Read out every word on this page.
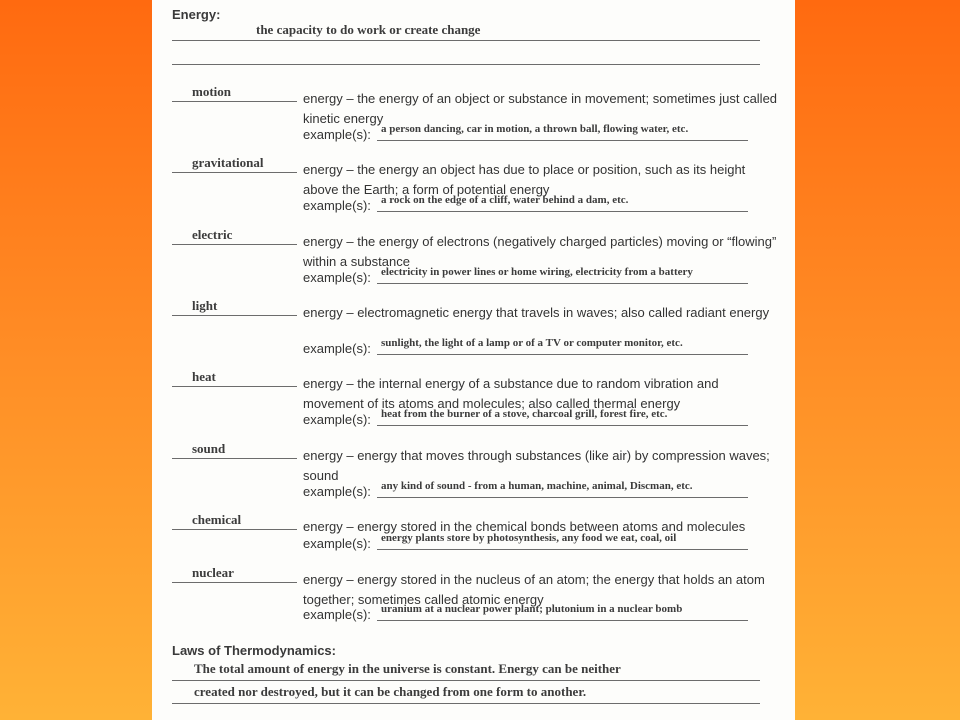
Energy:
the capacity to do work or create change
motion	energy – the energy of an object or substance in movement; sometimes just called kinetic energy
example(s): a person dancing, car in motion, a thrown ball, flowing water, etc.
gravitational	energy – the energy an object has due to place or position, such as its height above the Earth; a form of potential energy
example(s): a rock on the edge of a cliff, water behind a dam, etc.
electric	energy – the energy of electrons (negatively charged particles) moving or “flowing” within a substance
example(s): electricity in power lines or home wiring, electricity from a battery
light	energy – electromagnetic energy that travels in waves; also called radiant energy
example(s): sunlight, the light of a lamp or of a TV or computer monitor, etc.
heat	energy – the internal energy of a substance due to random vibration and movement of its atoms and molecules; also called thermal energy
example(s): heat from the burner of a stove, charcoal grill, forest fire, etc.
sound	energy – energy that moves through substances (like air) by compression waves; sound
example(s): any kind of sound - from a human, machine, animal, Discman, etc.
chemical	energy – energy stored in the chemical bonds between atoms and molecules
example(s): energy plants store by photosynthesis, any food we eat, coal, oil
nuclear	energy – energy stored in the nucleus of an atom; the energy that holds an atom together; sometimes called atomic energy
example(s): uranium at a nuclear power plant; plutonium in a nuclear bomb
Laws of Thermodynamics:
The total amount of energy in the universe is constant. Energy can be neither
created nor destroyed, but it can be changed from one form to another.
